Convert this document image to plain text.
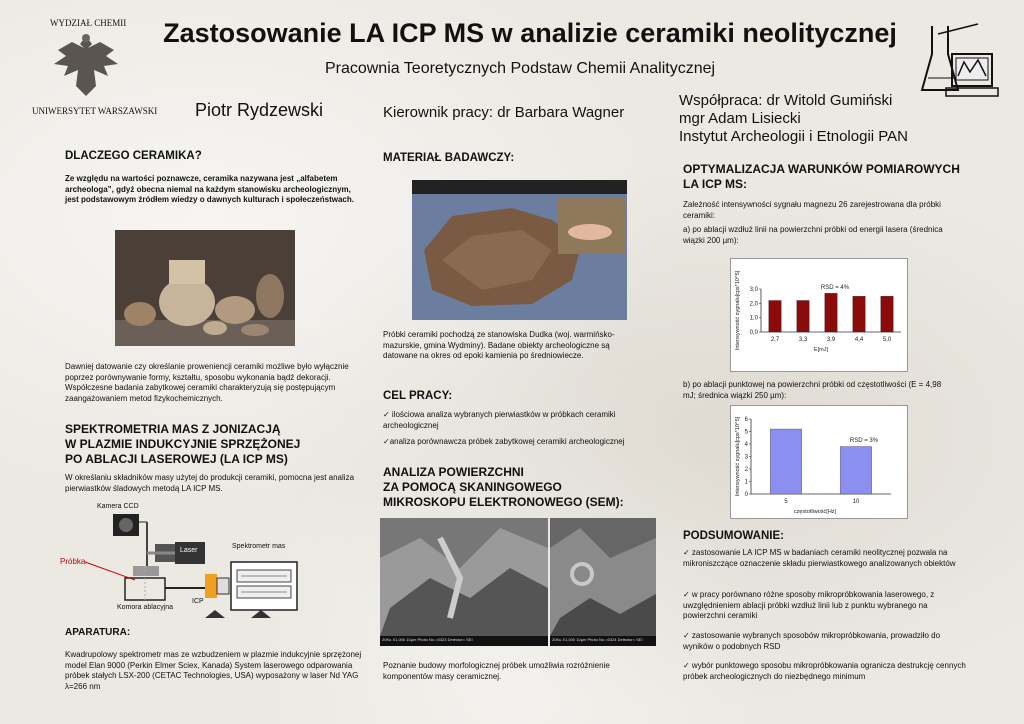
WYDZIAŁ CHEMII
UNIWERSYTET WARSZAWSKI
Zastosowanie LA ICP MS w analizie ceramiki neolitycznej
Pracownia Teoretycznych Podstaw Chemii Analitycznej
Piotr Rydzewski	Kierownik pracy: dr Barbara Wagner
Współpraca: dr Witold Gumiński
mgr Adam Lisiecki
Instytut Archeologii i Etnologii PAN
DLACZEGO CERAMIKA?
Ze względu na wartości poznawcze, ceramika nazywana jest „alfabetem archeologa”, gdyż obecna niemal na każdym stanowisku archeologicznym, jest podstawowym źródłem wiedzy o dawnych kulturach i społeczeństwach.
Dawniej datowanie czy określanie proweniencji ceramiki możliwe było wyłącznie poprzez porównywanie formy, kształtu, sposobu wykonania bądź dekoracji. Współczesne badania zabytkowej ceramiki charakteryzują się postępującym zaangażowaniem metod fizykochemicznych.
SPEKTROMETRIA MAS Z JONIZACJĄ
W PLAZMIE INDUKCYJNIE SPRZĘŻONEJ
PO ABLACJI LASEROWEJ (LA ICP MS)
W określaniu składników masy użytej do produkcji ceramiki, pomocna jest analiza pierwiastków śladowych metodą LA ICP MS.
Kamera CCD
Laser
Spektrometr mas
Próbka
ICP
Komora ablacyjna
APARATURA:
Kwadrupolowy spektrometr mas ze wzbudzeniem w plazmie indukcyjnie sprzężonej model Elan 9000 (Perkin Elmer Sciex, Kanada) System laserowego odparowania próbek stałych LSX-200 (CETAC Technologies, USA) wyposażony w laser Nd YAG λ=266 nm
MATERIAŁ BADAWCZY:
Próbki ceramiki pochodzą ze stanowiska Dudka (woj. warmińsko-mazurskie, gmina Wydminy). Badane obiekty archeologiczne są datowane na okres od epoki kamienia po średniowiecze.
CEL PRACY:
✓ ilościowa analiza wybranych pierwiastków w próbkach ceramiki archeologicznej
✓analiza porównawcza próbek zabytkowej ceramiki archeologicznej
ANALIZA POWIERZCHNI
ZA POMOCĄ SKANINGOWEGO
MIKROSKOPU ELEKTRONOWEGO (SEM):
20Ku X1,000 10µm Photo No.=0323 Detector= SEI	20Ku X1,000 10µm Photo No.=0324 Detector= SEI
Poznanie budowy morfologicznej próbek umożliwia rozróżnienie komponentów masy ceramicznej.
OPTYMALIZACJA WARUNKÓW POMIAROWYCH
LA ICP MS:
Zależność intensywności sygnału magnezu 26 zarejestrowana dla próbki ceramiki:
a) po ablacji wzdłuż linii na powierzchni próbki od energii lasera (średnica wiązki 200 µm):
0,0
1,0
2,0
3,0
2,7	3,3	3,9	4,4	5,0
E[mJ]
Intensywność sygnału[cps*10^5]	RSD = 4%
b) po ablacji punktowej na powierzchni próbki od częstotliwości (E = 4,98 mJ; średnica wiązki 250 µm):
0
1
2
3
4
5
6
5	10
częstotliwość[Hz]
Intensywność sygnału[cps*10^5]	RSD = 3%
PODSUMOWANIE:
✓ zastosowanie LA ICP MS w badaniach ceramiki neolitycznej pozwala na mikroniszczące oznaczenie składu pierwiastkowego analizowanych obiektów
✓ w pracy porównano różne sposoby mikropróbkowania laserowego, z uwzględnieniem ablacji próbki wzdłuż linii lub z punktu wybranego na powierzchni ceramiki
✓ zastosowanie wybranych sposobów mikropróbkowania, prowadziło do wyników o podobnych RSD
✓ wybór punktowego sposobu mikropróbkowania ogranicza destrukcję cennych próbek archeologicznych do niezbędnego minimum
